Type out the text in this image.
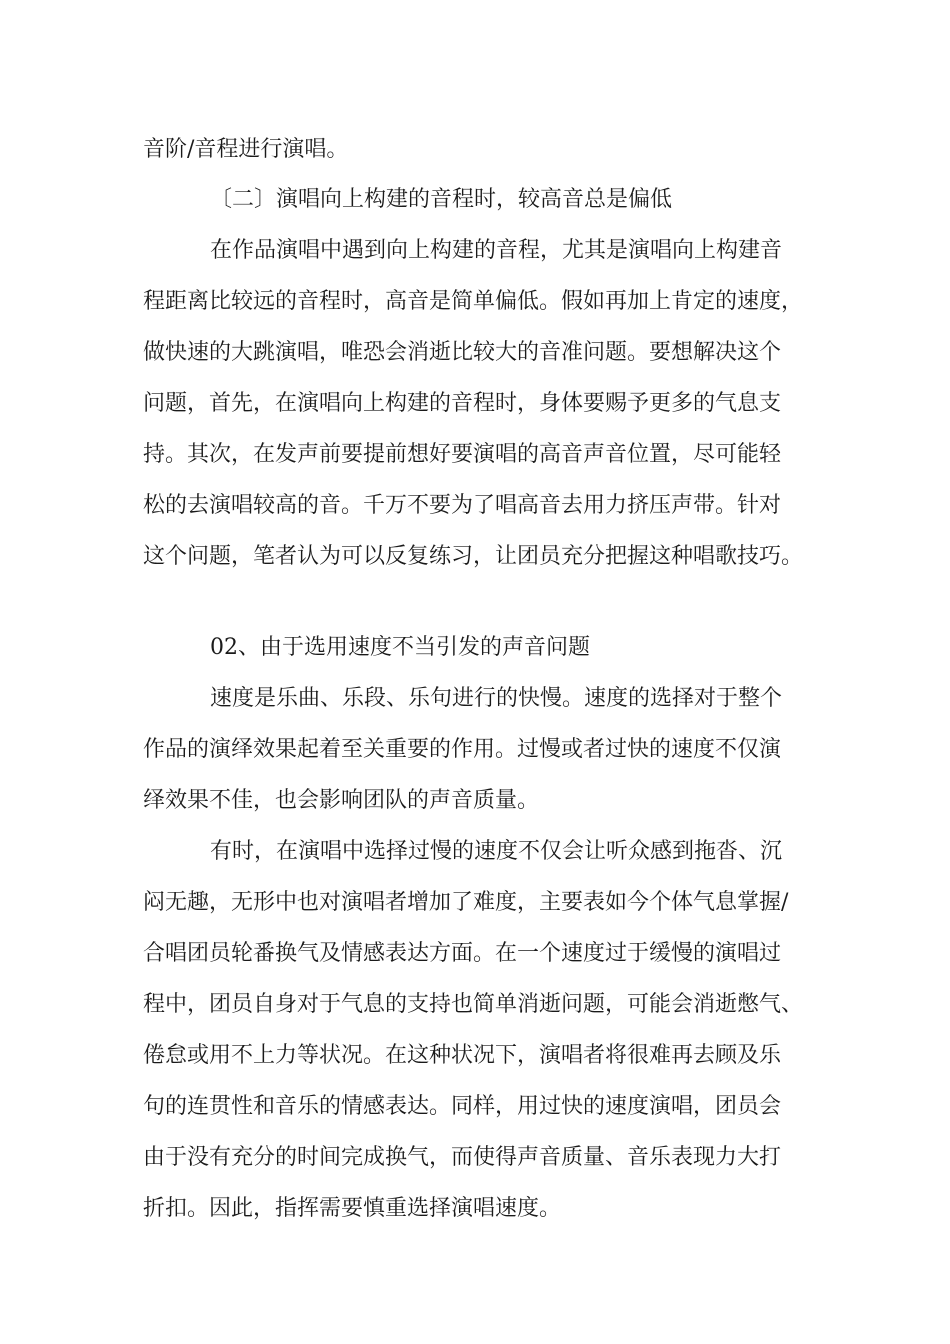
音阶/音程进行演唱。
〔二〕演唱向上构建的音程时，较高音总是偏低
在作品演唱中遇到向上构建的音程，尤其是演唱向上构建音
程距离比较远的音程时，高音是简单偏低。假如再加上肯定的速度，
做快速的大跳演唱，唯恐会消逝比较大的音准问题。要想解决这个
问题，首先，在演唱向上构建的音程时，身体要赐予更多的气息支
持。其次，在发声前要提前想好要演唱的高音声音位置，尽可能轻
松的去演唱较高的音。千万不要为了唱高音去用力挤压声带。针对
这个问题，笔者认为可以反复练习，让团员充分把握这种唱歌技巧。
02、由于选用速度不当引发的声音问题
速度是乐曲、乐段、乐句进行的快慢。速度的选择对于整个
作品的演绎效果起着至关重要的作用。过慢或者过快的速度不仅演
绎效果不佳，也会影响团队的声音质量。
有时，在演唱中选择过慢的速度不仅会让听众感到拖沓、沉
闷无趣，无形中也对演唱者增加了难度，主要表如今个体气息掌握/
合唱团员轮番换气及情感表达方面。在一个速度过于缓慢的演唱过
程中，团员自身对于气息的支持也简单消逝问题，可能会消逝憋气、
倦怠或用不上力等状况。在这种状况下，演唱者将很难再去顾及乐
句的连贯性和音乐的情感表达。同样，用过快的速度演唱，团员会
由于没有充分的时间完成换气，而使得声音质量、音乐表现力大打
折扣。因此，指挥需要慎重选择演唱速度。
